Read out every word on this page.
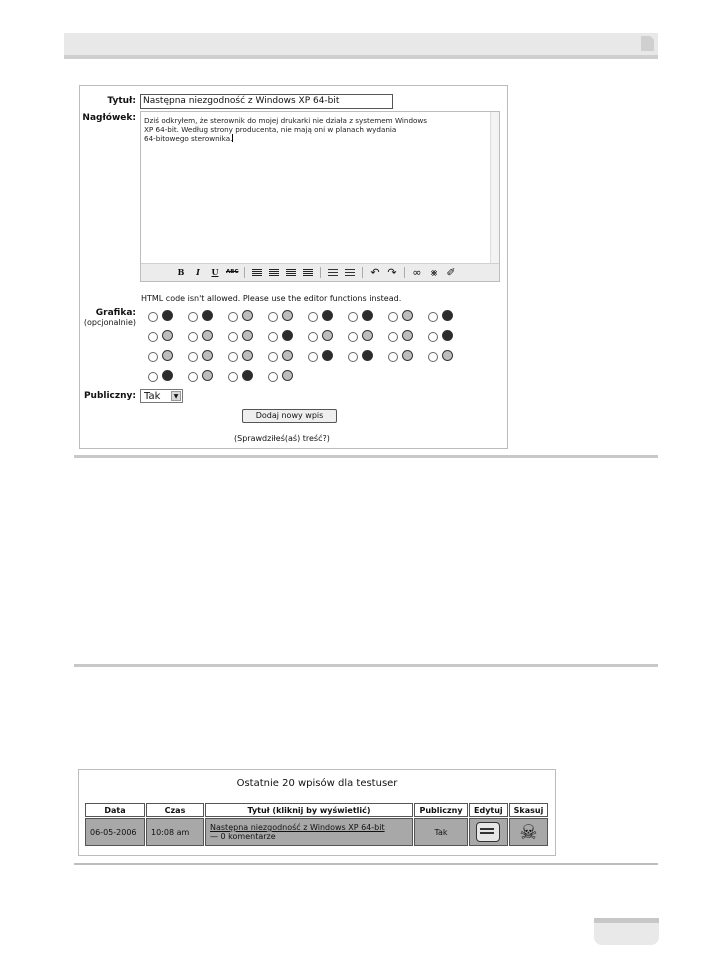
Tytuł: Następna niezgodność z Windows XP 64-bit
Nagłówek: Dziś odkryłem, że sterownik do mojej drukarki nie działa z systemem Windows
XP 64-bit. Według strony producenta, nie mają oni w planach wydania
64-bitowego sterownika.
B	I	U	ABC	↶ ↷ ∞ ⨳ ✐
HTML code isn't allowed. Please use the editor functions instead.
Grafika:
(opcjonalnie)
Publiczny: Tak	▼
Dodaj nowy wpis
(Sprawdziłeś(aś) treść?)
Ostatnie 20 wpisów dla testuser
Data	Czas	Tytuł (kliknij by wyświetlić)	Publiczny	Edytuj	Skasuj
06-05-2006	10:08 am	Następna niezgodność z Windows XP 64-bit
— 0 komentarze	Tak		☠
